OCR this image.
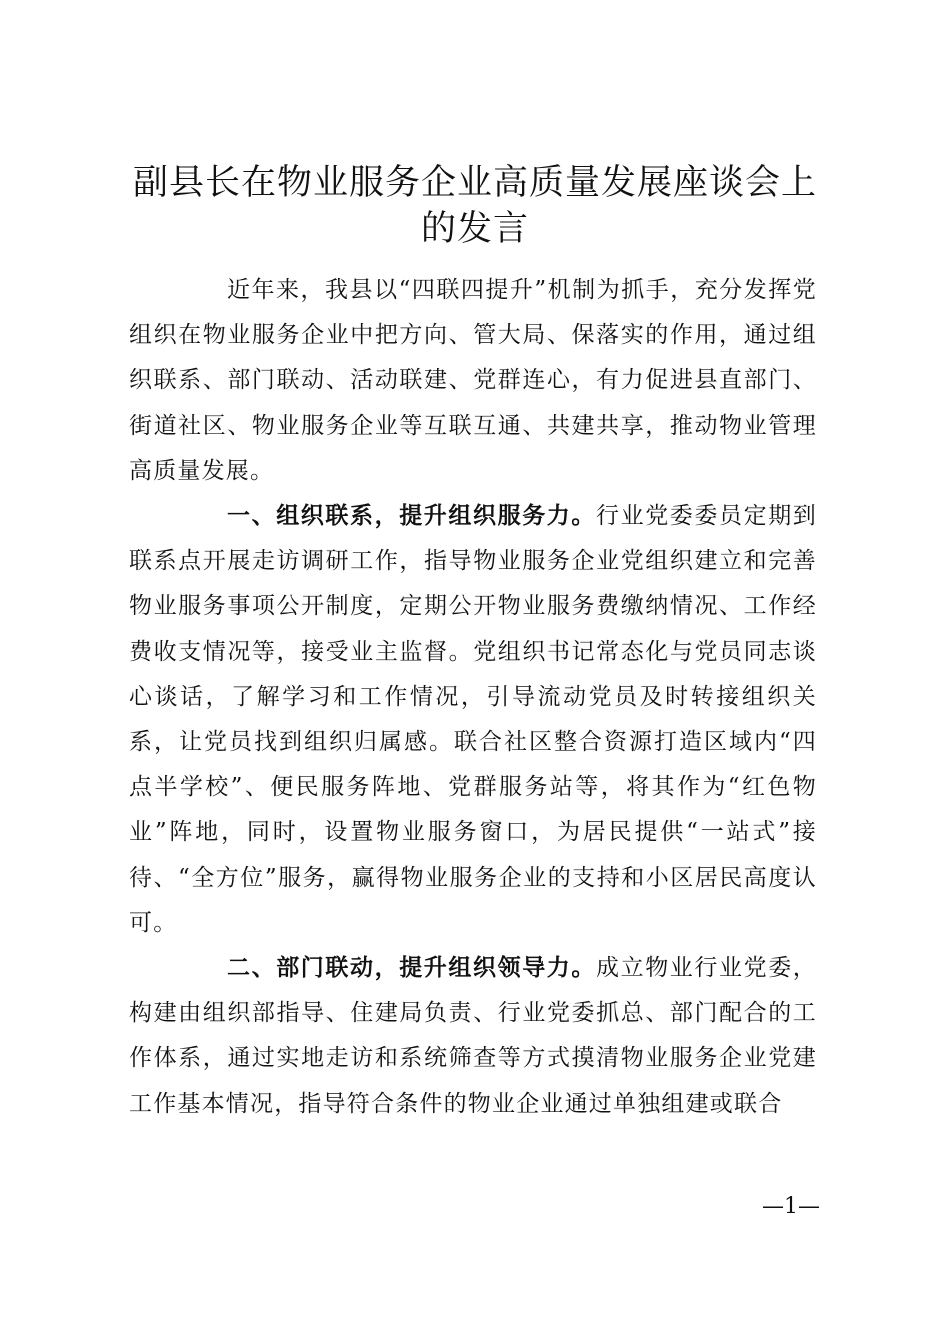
副县长在物业服务企业高质量发展座谈会上的发言

近年来，我县以“四联四提升”机制为抓手，充分发挥党组织在物业服务企业中把方向、管大局、保落实的作用，通过组织联系、部门联动、活动联建、党群连心，有力促进县直部门、街道社区、物业服务企业等互联互通、共建共享，推动物业管理高质量发展。

一、组织联系，提升组织服务力。行业党委委员定期到联系点开展走访调研工作，指导物业服务企业党组织建立和完善物业服务事项公开制度，定期公开物业服务费缴纳情况、工作经费收支情况等，接受业主监督。党组织书记常态化与党员同志谈心谈话，了解学习和工作情况，引导流动党员及时转接组织关系，让党员找到组织归属感。联合社区整合资源打造区域内“四点半学校”、便民服务阵地、党群服务站等，将其作为“红色物业”阵地，同时，设置物业服务窗口，为居民提供“一站式”接待、“全方位”服务，赢得物业服务企业的支持和小区居民高度认可。

二、部门联动，提升组织领导力。成立物业行业党委，构建由组织部指导、住建局负责、行业党委抓总、部门配合的工作体系，通过实地走访和系统筛查等方式摸清物业服务企业党建工作基本情况，指导符合条件的物业企业通过单独组建或联合

—1—
